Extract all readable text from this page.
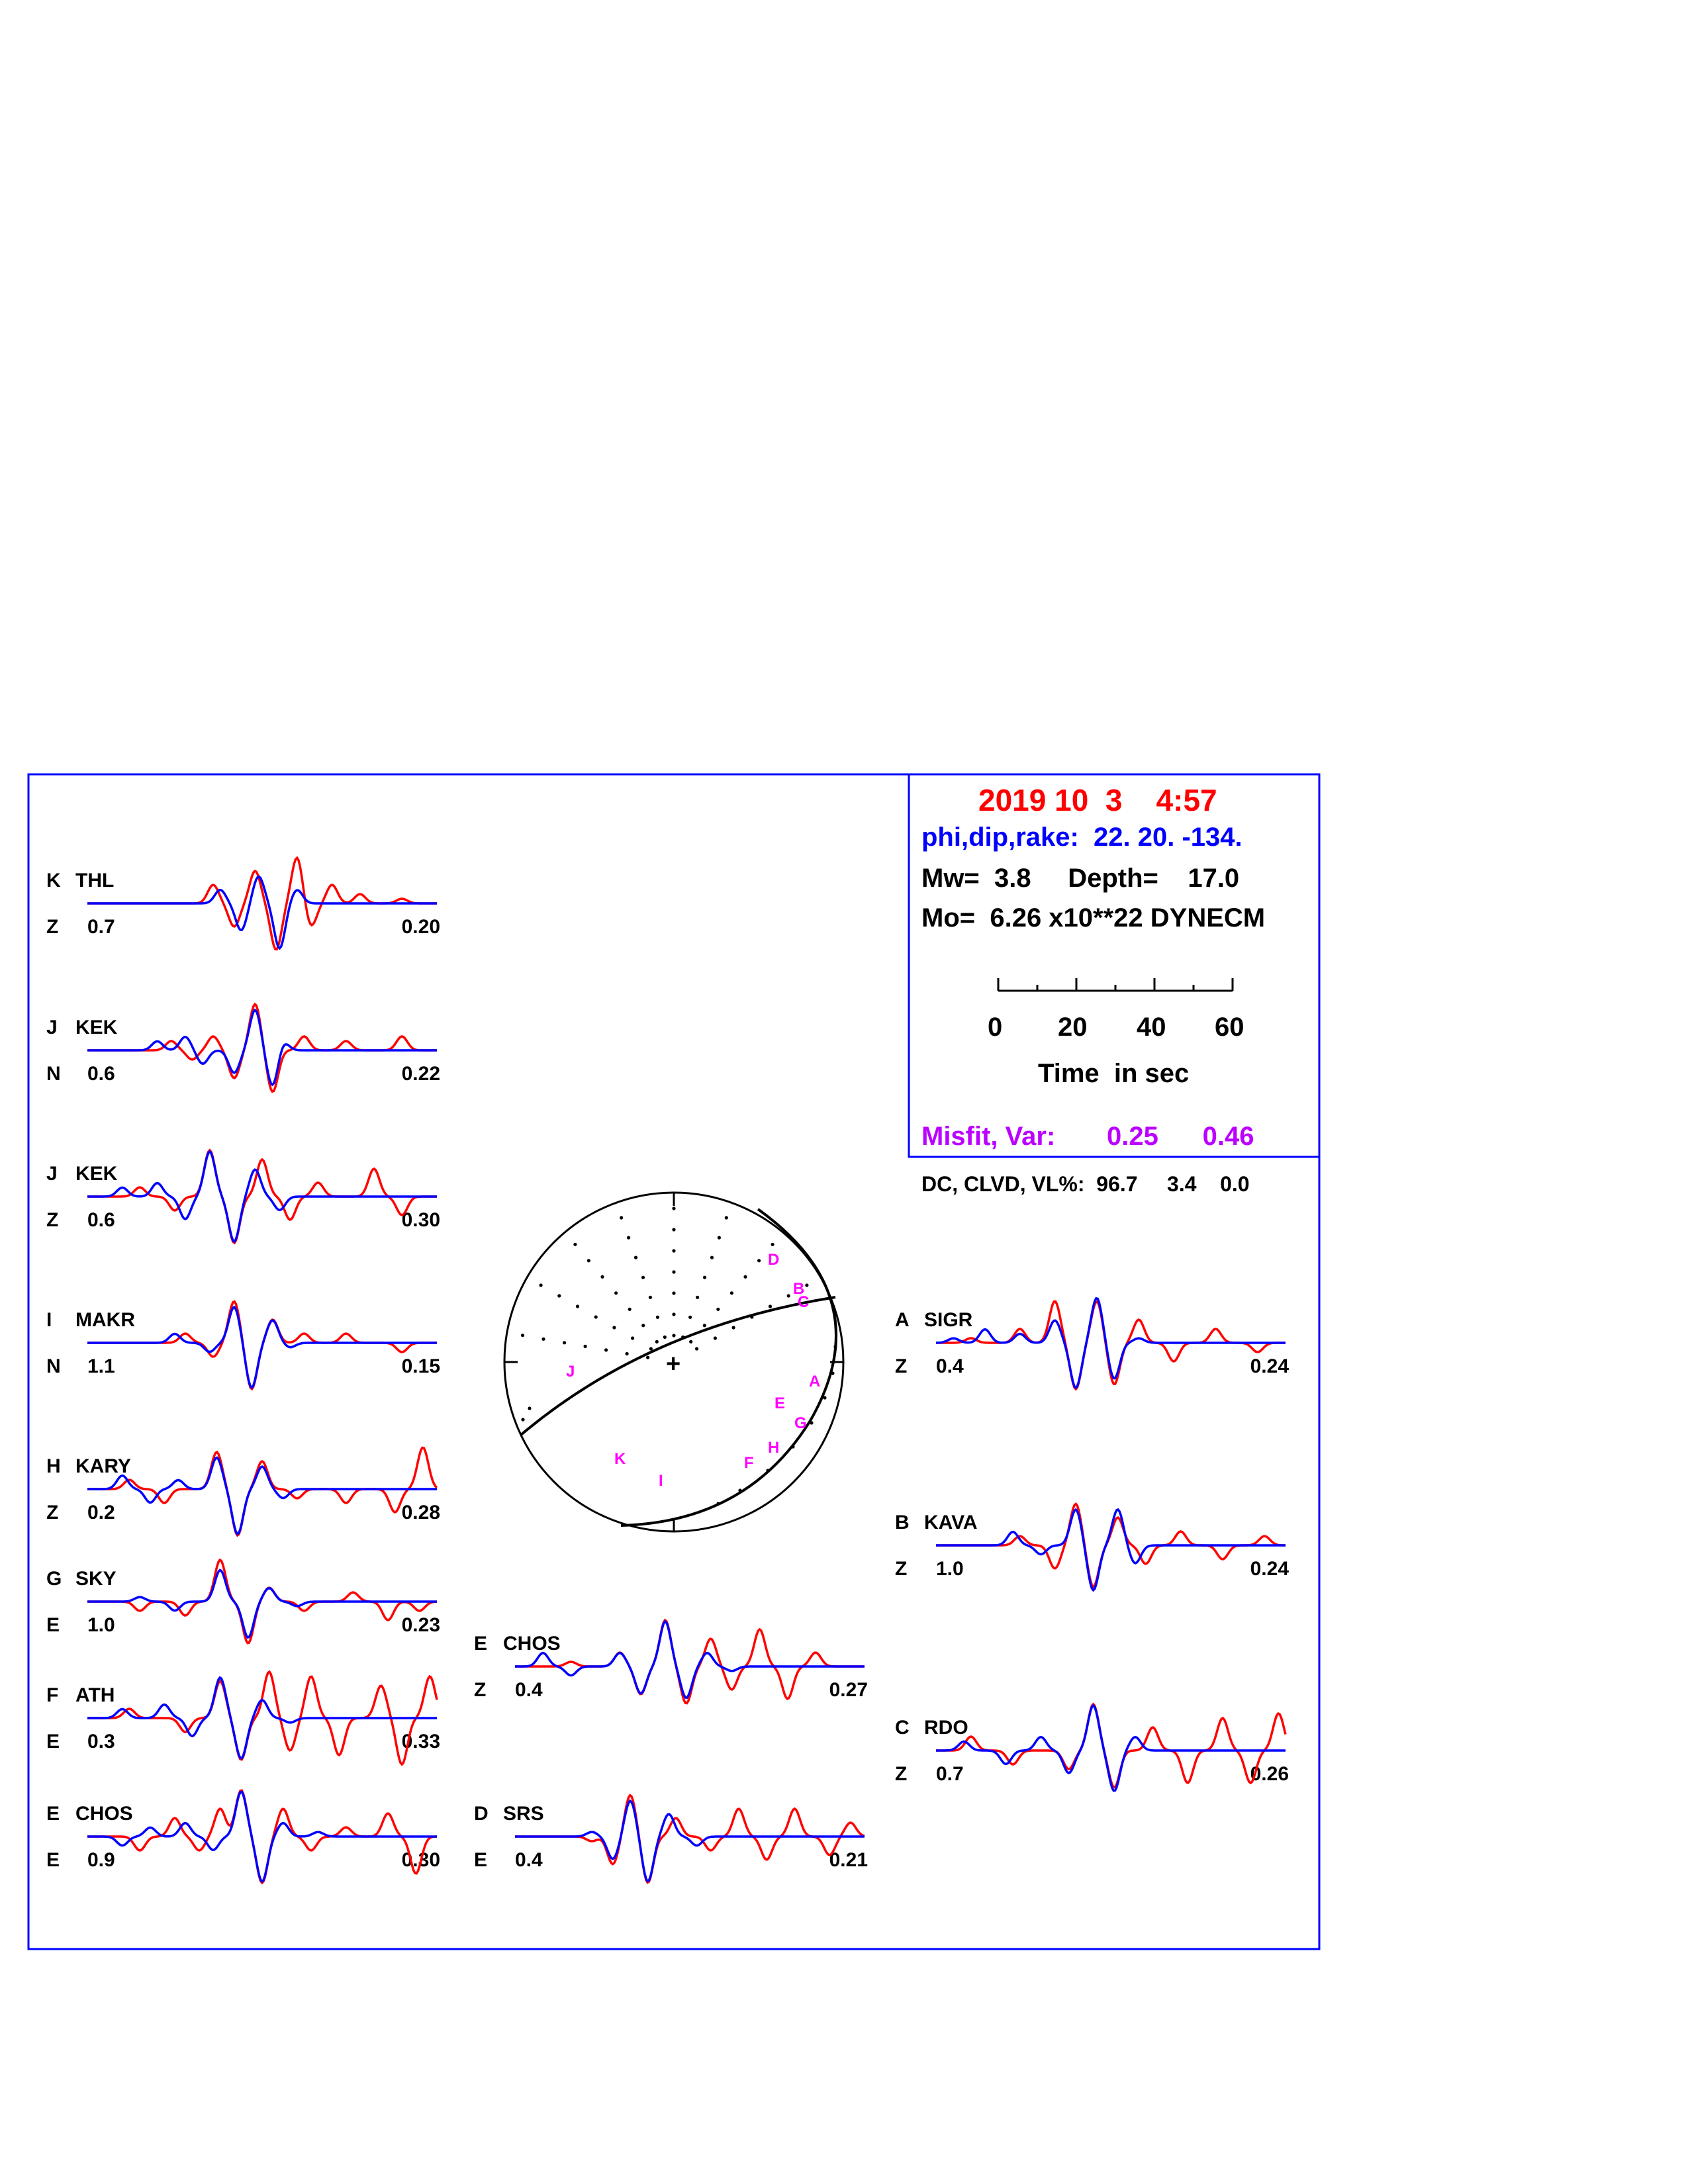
2019 10  3    4:57
phi,dip,rake:  22. 20. -134.
Mw=  3.8     Depth=    17.0
Mo=  6.26 x10**22 DYNECM
0 20 40 60
Time  in sec
Misfit, Var:       0.25      0.46
DC, CLVD, VL%:  96.7     3.4    0.0
+
D
B
C
J
E
A
G
K
H
F
I
K THL
Z 0.7	0.20
J KEK
N 0.6	0.22
J KEK
Z 0.6	0.30
I MAKR
N 1.1	0.15
H KARY
Z 0.2	0.28
G SKY
E 1.0	0.23
F ATH
E 0.3	0.33
E CHOS
E 0.9	0.30
E CHOS
Z 0.4	0.27
D SRS
E 0.4	0.21
A SIGR
Z 0.4	0.24
B KAVA
Z 1.0	0.24
C RDO
Z 0.7	0.26
